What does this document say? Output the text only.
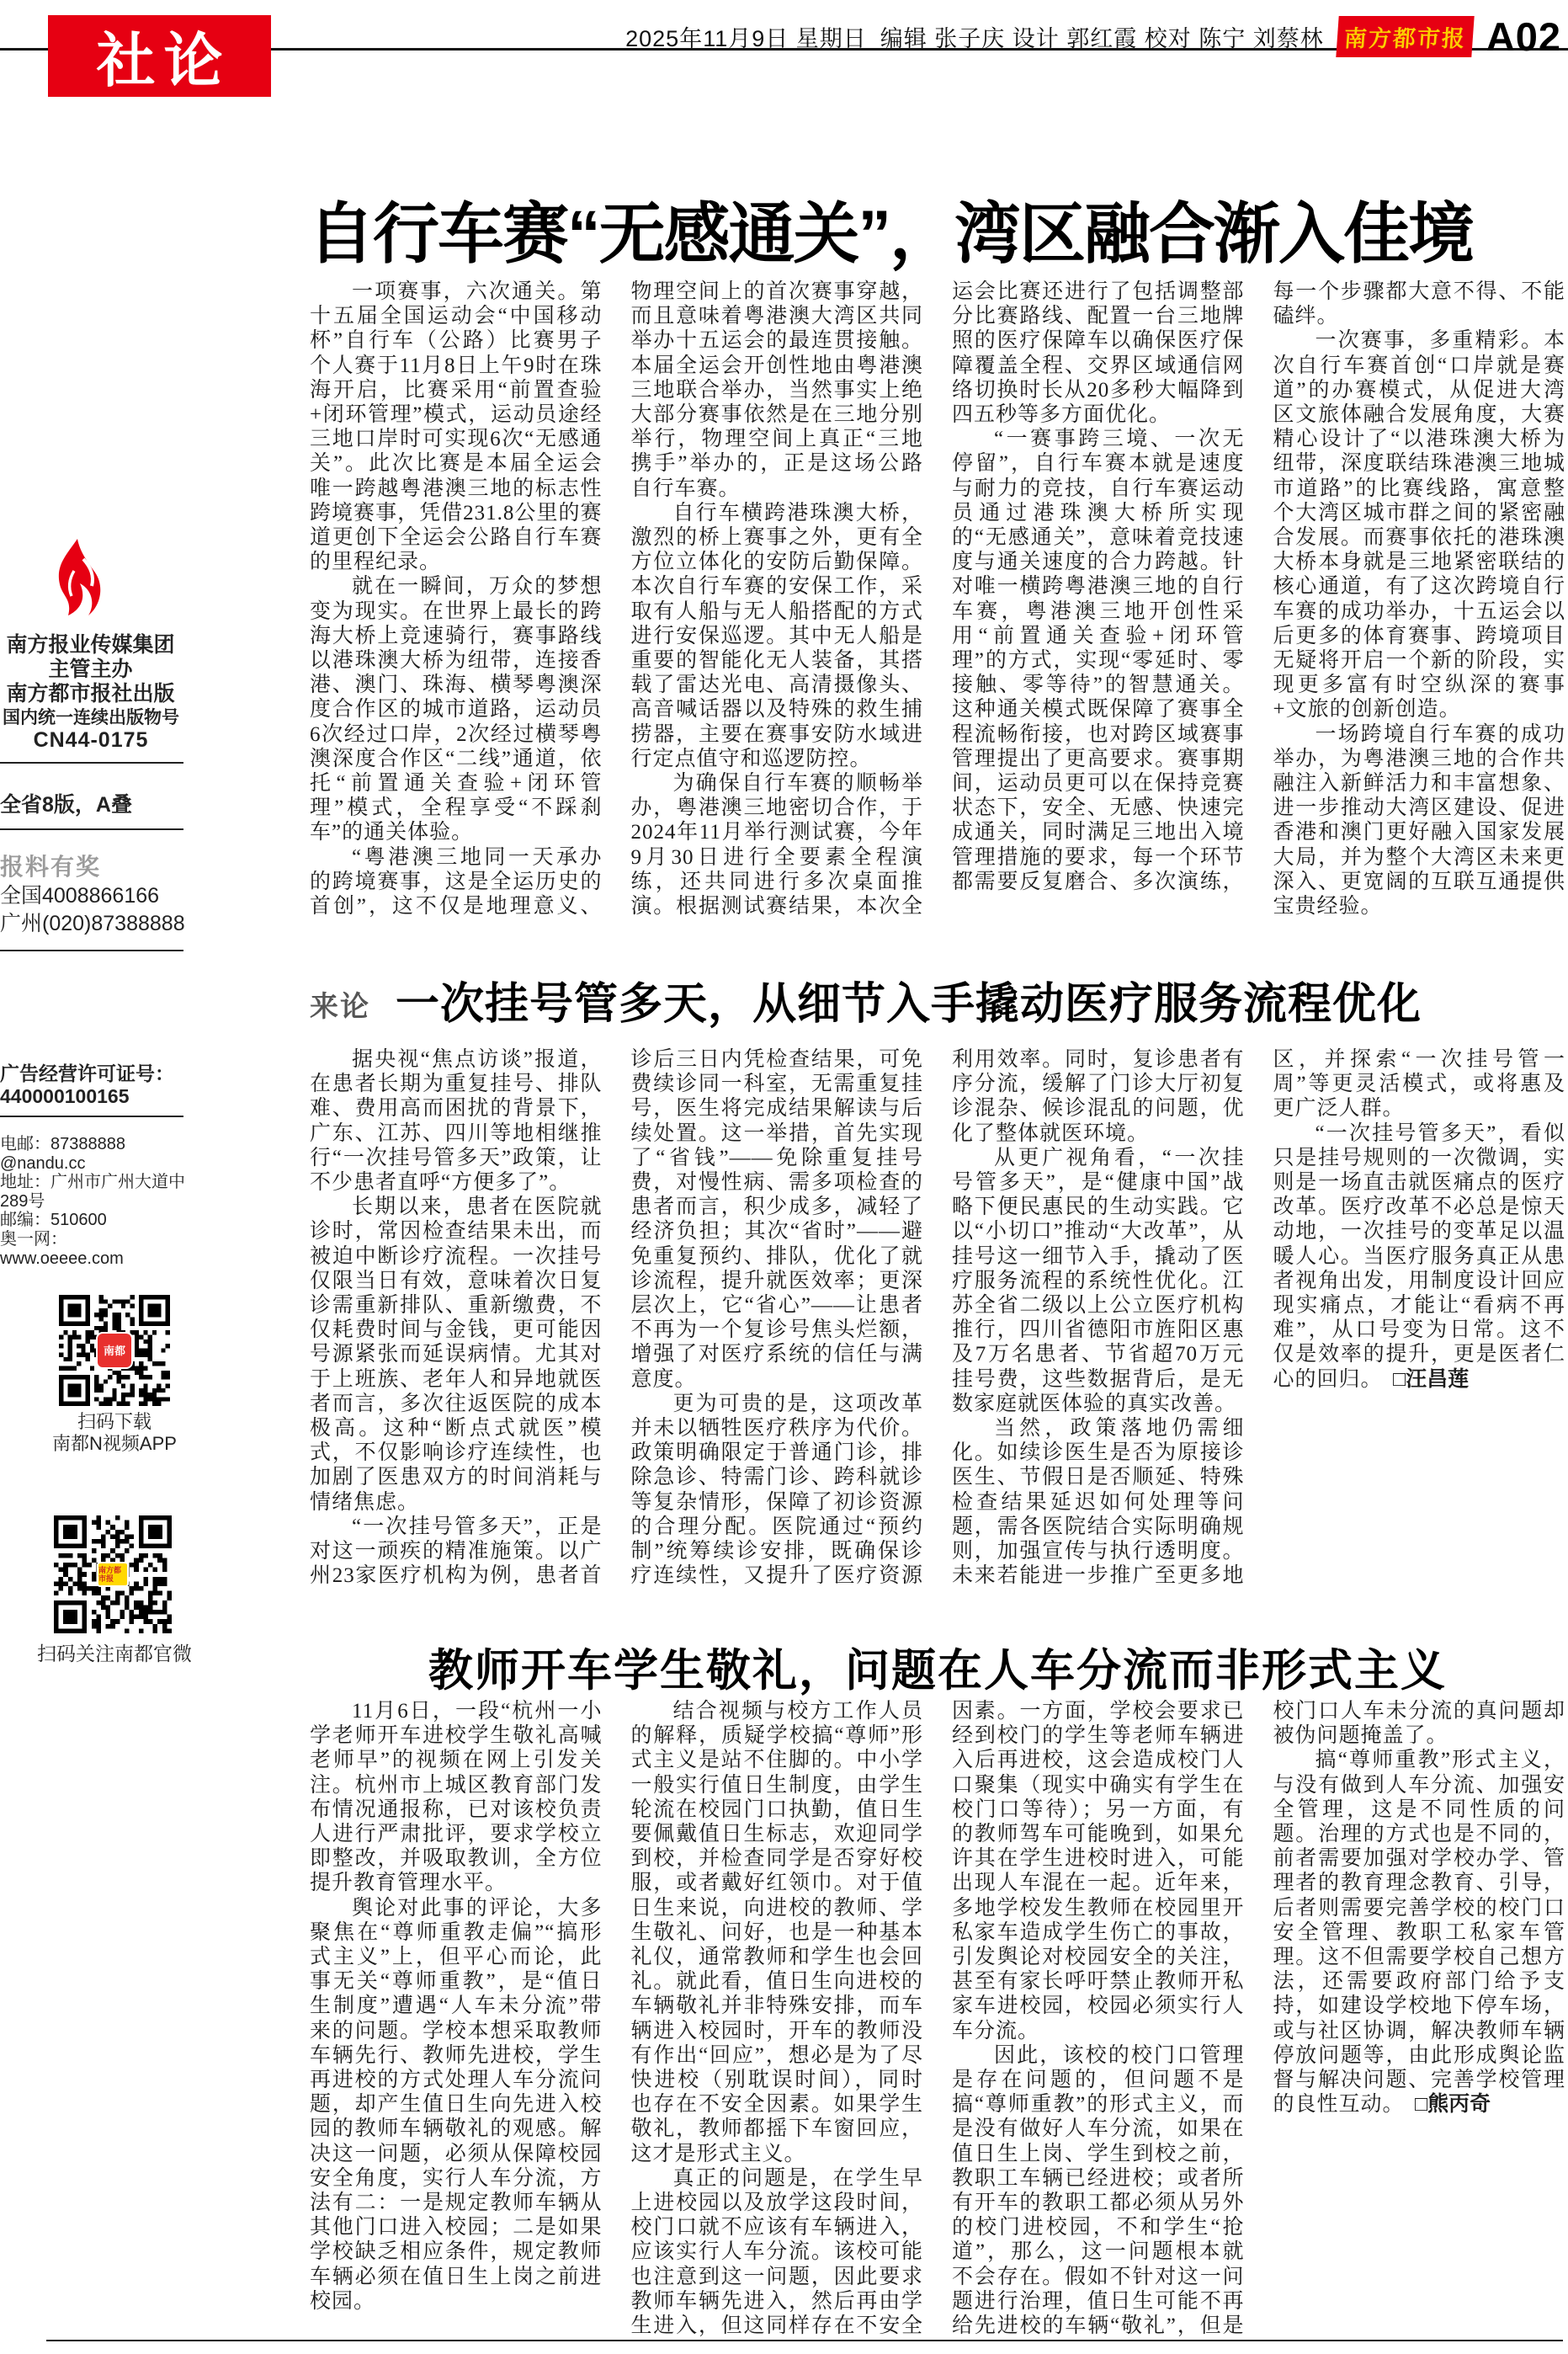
社论	2025年11月9日 星期日 编辑 张子庆 设计 郭红霞 校对 陈宁 刘蔡林 南方都市报 A02
南方报业传媒集团
主管主办
南方都市报社出版
国内统一连续出版物号
CN44-0175
全省8版，A叠
报料有奖
全国4008866166
广州(020)87388888
广告经营许可证号：
440000100165
电邮：87388888
@nandu.cc
地址：广州市广州大道中
289号
邮编：510600
奥一网：
www.oeeee.com
南都
扫码下载
南都N视频APP
南方都市报
扫码关注南都官微
自行车赛“无感通关”，湾区融合渐入佳境

一项赛事，六次通关。第十五届全国运动会“中国移动杯”自行车（公路）比赛男子个人赛于11月8日上午9时在珠海开启，比赛采用“前置查验+闭环管理”模式，运动员途经三地口岸时可实现6次“无感通关”。此次比赛是本届全运会唯一跨越粤港澳三地的标志性跨境赛事，凭借231.8公里的赛道更创下全运会公路自行车赛的里程纪录。

就在一瞬间，万众的梦想变为现实。在世界上最长的跨海大桥上竞速骑行，赛事路线以港珠澳大桥为纽带，连接香港、澳门、珠海、横琴粤澳深度合作区的城市道路，运动员6次经过口岸，2次经过横琴粤澳深度合作区“二线”通道，依托“前置通关查验+闭环管理”模式，全程享受“不踩刹车”的通关体验。

“粤港澳三地同一天承办的跨境赛事，这是全运历史的首创”，这不仅是地理意义、物理空间上的首次赛事穿越，而且意味着粤港澳大湾区共同举办十五运会的最连贯接触。本届全运会开创性地由粤港澳三地联合举办，当然事实上绝大部分赛事依然是在三地分别举行，物理空间上真正“三地携手”举办的，正是这场公路自行车赛。

自行车横跨港珠澳大桥，激烈的桥上赛事之外，更有全方位立体化的安防后勤保障。本次自行车赛的安保工作，采取有人船与无人船搭配的方式进行安保巡逻。其中无人船是重要的智能化无人装备，其搭载了雷达光电、高清摄像头、高音喊话器以及特殊的救生捕捞器，主要在赛事安防水域进行定点值守和巡逻防控。

为确保自行车赛的顺畅举办，粤港澳三地密切合作，于2024年11月举行测试赛，今年9月30日进行全要素全程演练，还共同进行多次桌面推演。根据测试赛结果，本次全运会比赛还进行了包括调整部分比赛路线、配置一台三地牌照的医疗保障车以确保医疗保障覆盖全程、交界区域通信网络切换时长从20多秒大幅降到四五秒等多方面优化。

“一赛事跨三境、一次无停留”，自行车赛本就是速度与耐力的竞技，自行车赛运动员通过港珠澳大桥所实现的“无感通关”，意味着竞技速度与通关速度的合力跨越。针对唯一横跨粤港澳三地的自行车赛，粤港澳三地开创性采用“前置通关查验+闭环管理”的方式，实现“零延时、零接触、零等待”的智慧通关。这种通关模式既保障了赛事全程流畅衔接，也对跨区域赛事管理提出了更高要求。赛事期间，运动员更可以在保持竞赛状态下，安全、无感、快速完成通关，同时满足三地出入境管理措施的要求，每一个环节都需要反复磨合、多次演练，每一个步骤都大意不得、不能磕绊。

一次赛事，多重精彩。本次自行车赛首创“口岸就是赛道”的办赛模式，从促进大湾区文旅体融合发展角度，大赛精心设计了“以港珠澳大桥为纽带，深度联结珠港澳三地城市道路”的比赛线路，寓意整个大湾区城市群之间的紧密融合发展。而赛事依托的港珠澳大桥本身就是三地紧密联结的核心通道，有了这次跨境自行车赛的成功举办，十五运会以后更多的体育赛事、跨境项目无疑将开启一个新的阶段，实现更多富有时空纵深的赛事+文旅的创新创造。

一场跨境自行车赛的成功举办，为粤港澳三地的合作共融注入新鲜活力和丰富想象、进一步推动大湾区建设、促进香港和澳门更好融入国家发展大局，并为整个大湾区未来更深入、更宽阔的互联互通提供宝贵经验。

来论 一次挂号管多天，从细节入手撬动医疗服务流程优化

据央视“焦点访谈”报道，在患者长期为重复挂号、排队难、费用高而困扰的背景下，广东、江苏、四川等地相继推行“一次挂号管多天”政策，让不少患者直呼“方便多了”。

长期以来，患者在医院就诊时，常因检查结果未出，而被迫中断诊疗流程。一次挂号仅限当日有效，意味着次日复诊需重新排队、重新缴费，不仅耗费时间与金钱，更可能因号源紧张而延误病情。尤其对于上班族、老年人和异地就医者而言，多次往返医院的成本极高。这种“断点式就医”模式，不仅影响诊疗连续性，也加剧了医患双方的时间消耗与情绪焦虑。

“一次挂号管多天”，正是对这一顽疾的精准施策。以广州23家医疗机构为例，患者首诊后三日内凭检查结果，可免费续诊同一科室，无需重复挂号，医生将完成结果解读与后续处置。这一举措，首先实现了“省钱”——免除重复挂号费，对慢性病、需多项检查的患者而言，积少成多，减轻了经济负担；其次“省时”——避免重复预约、排队，优化了就诊流程，提升就医效率；更深层次上，它“省心”——让患者不再为一个复诊号焦头烂额，增强了对医疗系统的信任与满意度。

更为可贵的是，这项改革并未以牺牲医疗秩序为代价。政策明确限定于普通门诊，排除急诊、特需门诊、跨科就诊等复杂情形，保障了初诊资源的合理分配。医院通过“预约制”统筹续诊安排，既确保诊疗连续性，又提升了医疗资源利用效率。同时，复诊患者有序分流，缓解了门诊大厅初复诊混杂、候诊混乱的问题，优化了整体就医环境。

从更广视角看，“一次挂号管多天”，是“健康中国”战略下便民惠民的生动实践。它以“小切口”推动“大改革”，从挂号这一细节入手，撬动了医疗服务流程的系统性优化。江苏全省二级以上公立医疗机构推行，四川省德阳市旌阳区惠及7万名患者、节省超70万元挂号费，这些数据背后，是无数家庭就医体验的真实改善。

当然，政策落地仍需细化。如续诊医生是否为原接诊医生、节假日是否顺延、特殊检查结果延迟如何处理等问题，需各医院结合实际明确规则，加强宣传与执行透明度。未来若能进一步推广至更多地区，并探索“一次挂号管一周”等更灵活模式，或将惠及更广泛人群。

“一次挂号管多天”，看似只是挂号规则的一次微调，实则是一场直击就医痛点的医疗改革。医疗改革不必总是惊天动地，一次挂号的变革足以温暖人心。当医疗服务真正从患者视角出发，用制度设计回应现实痛点，才能让“看病不再难”，从口号变为日常。这不仅是效率的提升，更是医者仁心的回归。　□汪昌莲

教师开车学生敬礼，问题在人车分流而非形式主义

11月6日，一段“杭州一小学老师开车进校学生敬礼高喊老师早”的视频在网上引发关注。杭州市上城区教育部门发布情况通报称，已对该校负责人进行严肃批评，要求学校立即整改，并吸取教训，全方位提升教育管理水平。

舆论对此事的评论，大多聚焦在“尊师重教走偏”“搞形式主义”上，但平心而论，此事无关“尊师重教”，是“值日生制度”遭遇“人车未分流”带来的问题。学校本想采取教师车辆先行、教师先进校，学生再进校的方式处理人车分流问题，却产生值日生向先进入校园的教师车辆敬礼的观感。解决这一问题，必须从保障校园安全角度，实行人车分流，方法有二：一是规定教师车辆从其他门口进入校园；二是如果学校缺乏相应条件，规定教师车辆必须在值日生上岗之前进校园。

结合视频与校方工作人员的解释，质疑学校搞“尊师”形式主义是站不住脚的。中小学一般实行值日生制度，由学生轮流在校园门口执勤，值日生要佩戴值日生标志，欢迎同学到校，并检查同学是否穿好校服，或者戴好红领巾。对于值日生来说，向进校的教师、学生敬礼、问好，也是一种基本礼仪，通常教师和学生也会回礼。就此看，值日生向进校的车辆敬礼并非特殊安排，而车辆进入校园时，开车的教师没有作出“回应”，想必是为了尽快进校（别耽误时间），同时也存在不安全因素。如果学生敬礼，教师都摇下车窗回应，这才是形式主义。

真正的问题是，在学生早上进校园以及放学这段时间，校门口就不应该有车辆进入，应该实行人车分流。该校可能也注意到这一问题，因此要求教师车辆先进入，然后再由学生进入，但这同样存在不安全因素。一方面，学校会要求已经到校门的学生等老师车辆进入后再进校，这会造成校门人口聚集（现实中确实有学生在校门口等待）；另一方面，有的教师驾车可能晚到，如果允许其在学生进校时进入，可能出现人车混在一起。近年来，多地学校发生教师在校园里开私家车造成学生伤亡的事故，引发舆论对校园安全的关注，甚至有家长呼吁禁止教师开私家车进校园，校园必须实行人车分流。

因此，该校的校门口管理是存在问题的，但问题不是搞“尊师重教”的形式主义，而是没有做好人车分流，如果在值日生上岗、学生到校之前，教职工车辆已经进校；或者所有开车的教职工都必须从另外的校门进校园，不和学生“抢道”，那么，这一问题根本就不会存在。假如不针对这一问题进行治理，值日生可能不再给先进校的车辆“敬礼”，但是校门口人车未分流的真问题却被伪问题掩盖了。

搞“尊师重教”形式主义，与没有做到人车分流、加强安全管理，这是不同性质的问题。治理的方式也是不同的，前者需要加强对学校办学、管理者的教育理念教育、引导，后者则需要完善学校的校门口安全管理、教职工私家车管理。这不但需要学校自己想方法，还需要政府部门给予支持，如建设学校地下停车场，或与社区协调，解决教师车辆停放问题等，由此形成舆论监督与解决问题、完善学校管理的良性互动。　□熊丙奇
